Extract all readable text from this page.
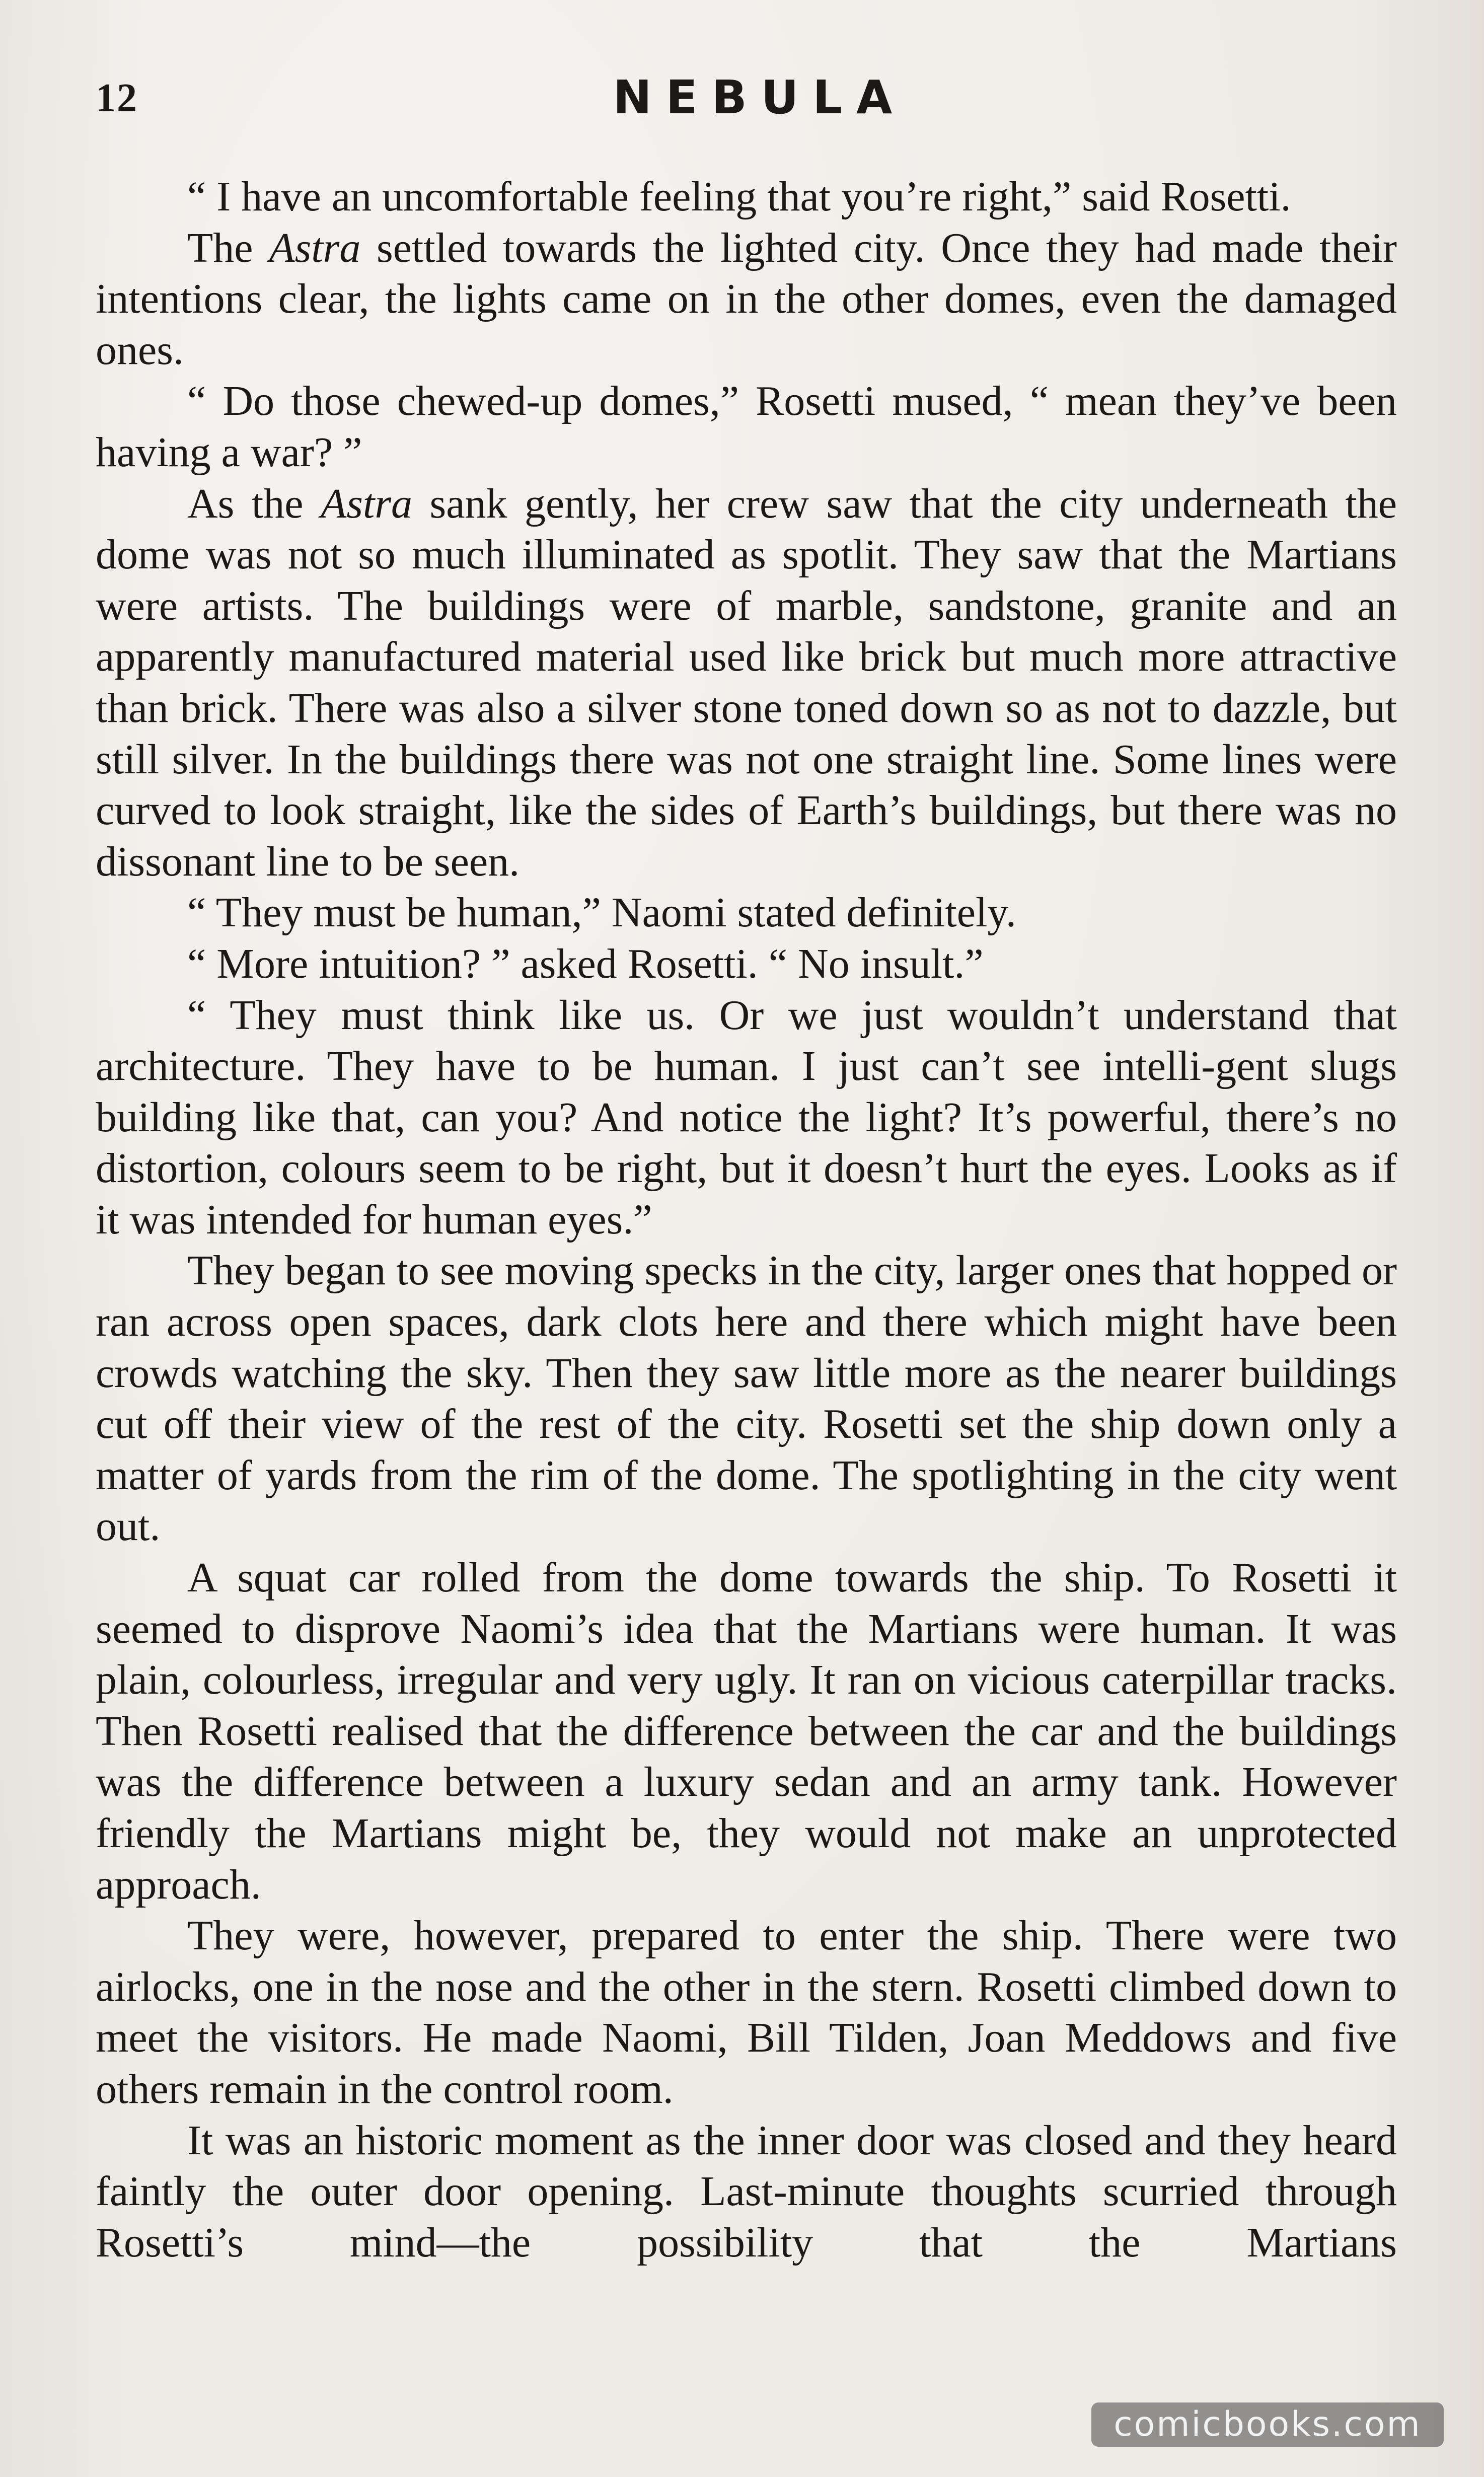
12	NEBULA

“ I have an uncomfortable feeling that you’re right,” said Rosetti.

The Astra settled towards the lighted city. Once they had made their intentions clear, the lights came on in the other domes, even the damaged ones.

“ Do those chewed-up domes,” Rosetti mused, “ mean they’ve been having a war? ”

As the Astra sank gently, her crew saw that the city underneath the dome was not so much illuminated as spotlit. They saw that the Martians were artists. The buildings were of marble, sandstone, granite and an apparently manufactured material used like brick but much more attractive than brick. There was also a silver stone toned down so as not to dazzle, but still silver. In the buildings there was not one straight line. Some lines were curved to look straight, like the sides of Earth’s buildings, but there was no dissonant line to be seen.

“ They must be human,” Naomi stated definitely.

“ More intuition? ” asked Rosetti. “ No insult.”

“ They must think like us. Or we just wouldn’t understand that architecture. They have to be human. I just can’t see intelli-gent slugs building like that, can you? And notice the light? It’s powerful, there’s no distortion, colours seem to be right, but it doesn’t hurt the eyes. Looks as if it was intended for human eyes.”

They began to see moving specks in the city, larger ones that hopped or ran across open spaces, dark clots here and there which might have been crowds watching the sky. Then they saw little more as the nearer buildings cut off their view of the rest of the city. Rosetti set the ship down only a matter of yards from the rim of the dome. The spotlighting in the city went out.

A squat car rolled from the dome towards the ship. To Rosetti it seemed to disprove Naomi’s idea that the Martians were human. It was plain, colourless, irregular and very ugly. It ran on vicious caterpillar tracks. Then Rosetti realised that the difference between the car and the buildings was the difference between a luxury sedan and an army tank. However friendly the Martians might be, they would not make an unprotected approach.

They were, however, prepared to enter the ship. There were two airlocks, one in the nose and the other in the stern. Rosetti climbed down to meet the visitors. He made Naomi, Bill Tilden, Joan Meddows and five others remain in the control room.

It was an historic moment as the inner door was closed and they heard faintly the outer door opening. Last-minute thoughts scurried through Rosetti’s mind—the possibility that the Martians

comicbooks.com
